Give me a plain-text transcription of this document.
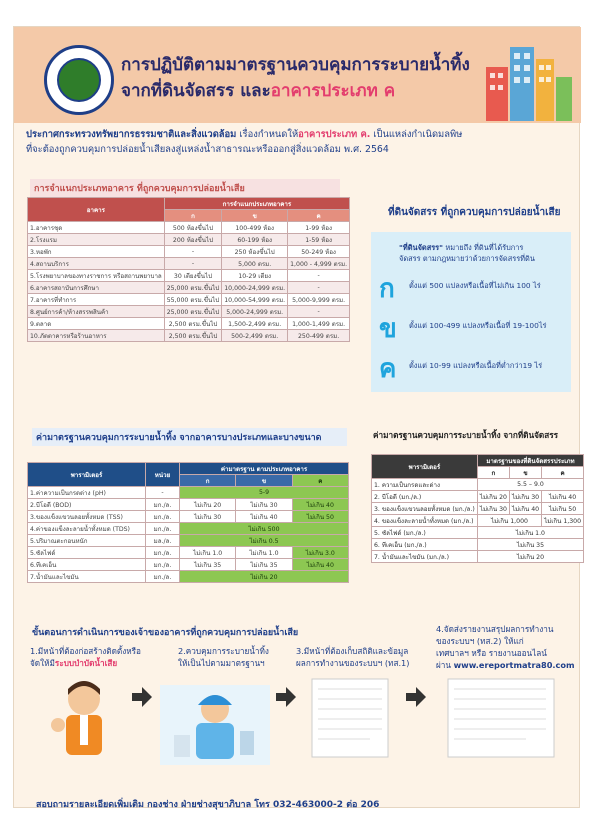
การปฏิบัติตามมาตรฐานควบคุมการระบายน้ำทิ้ง
จากที่ดินจัดสรร และอาคารประเภท ค
ประกาศกระทรวงทรัพยากรธรรมชาติและสิ่งแวดล้อม เรื่องกำหนดให้อาคารประเภท ค. เป็นแหล่งกำเนิดมลพิษ
ที่จะต้องถูกควบคุมการปล่อยน้ำเสียลงสู่แหล่งน้ำสาธารณะหรือออกสู่สิ่งแวดล้อม พ.ศ. 2564
การจำแนกประเภทอาคาร ที่ถูกควบคุมการปล่อยน้ำเสีย
อาคาร	การจำแนกประเภทอาคาร		
	ก	ข	ค
1.อาคารชุด	500 ห้องขึ้นไป	100-499 ห้อง	1-99 ห้อง
2.โรงแรม	200 ห้องขึ้นไป	60-199 ห้อง	1-59 ห้อง
3.หอพัก	-	250 ห้องขึ้นไป	50-249 ห้อง
4.สถานบริการ	-	5,000 ตรม.	1,000 - 4,999 ตรม.
5.โรงพยาบาลของทางราชการ หรือสถานพยาบาล	30 เตียงขึ้นไป	10-29 เตียง	-
6.อาคารสถาบันการศึกษา	25,000 ตรม.ขึ้นไป	10,000-24,999 ตรม.	-
7.อาคารที่ทำการ	55,000 ตรม.ขึ้นไป	10,000-54,999 ตรม.	5,000-9,999 ตรม.
8.ศูนย์การค้า/ห้างสรรพสินค้า	25,000 ตรม.ขึ้นไป	5,000-24,999 ตรม.	-
9.ตลาด	2,500 ตรม.ขึ้นไป	1,500-2,499 ตรม.	1,000-1,499 ตรม.
10.ภัตตาคารหรือร้านอาหาร	2,500 ตรม.ขึ้นไป	500-2,499 ตรม.	250-499 ตรม.
ที่ดินจัดสรร ที่ถูกควบคุมการปล่อยน้ำเสีย
"ที่ดินจัดสรร" หมายถึง ที่ดินที่ได้รับการ
จัดสรร ตามกฎหมายว่าด้วยการจัดสรรที่ดิน
ก ตั้งแต่ 500 แปลงหรือเนื้อที่ไม่เกิน 100 ไร่
ข ตั้งแต่ 100-499 แปลงหรือเนื้อที่ 19-100ไร่
ค ตั้งแต่ 10-99 แปลงหรือเนื้อที่ต่ำกว่า19 ไร่
ค่ามาตรฐานควบคุมการระบายน้ำทิ้ง จากอาคารบางประเภทและบางขนาด
พารามิเตอร์	หน่วย	ค่ามาตรฐาน ตามประเภทอาคาร		
		ก	ข	ค
1.ค่าความเป็นกรดด่าง (pH)	-	5-9		
2.บีโอดี (BOD)	มก./ล.	ไม่เกิน 20	ไม่เกิน 30	ไม่เกิน 40
3.ของแข็งแขวนลอยทั้งหมด (TSS)	มก./ล.	ไม่เกิน 30	ไม่เกิน 40	ไม่เกิน 50
4.ค่าของแข็งละลายน้ำทั้งหมด (TDS)	มก./ล.	ไม่เกิน 500		
5.ปริมาณตะกอนหนัก	มล./ล.	ไม่เกิน 0.5		
5.ซัลไฟด์	มก./ล.	ไม่เกิน 1.0	ไม่เกิน 1.0	ไม่เกิน 3.0
6.ทีเคเอ็น	มก./ล.	ไม่เกิน 35	ไม่เกิน 35	ไม่เกิน 40
7.น้ำมันและไขมัน	มก./ล.	ไม่เกิน 20		
ค่ามาตรฐานควบคุมการระบายน้ำทิ้ง จากที่ดินจัดสรร
พารามิเตอร์	มาตรฐานของที่ดินจัดสรรประเภท		
	ก	ข	ค
1. ความเป็นกรดและด่าง	5.5 – 9.0		
2. บีโอดี (มก./ล.)	ไม่เกิน 20	ไม่เกิน 30	ไม่เกิน 40
3. ของแข็งแขวนลอยทั้งหมด (มก./ล.)	ไม่เกิน 30	ไม่เกิน 40	ไม่เกิน 50
4. ของแข็งละลายน้ำทั้งหมด (มก./ล.)	ไม่เกิน 1,000		ไม่เกิน 1,300
5. ซัลไฟด์ (มก./ล.)	ไม่เกิน 1.0		
6. ทีเคเอ็น (มก./ล.)	ไม่เกิน 35		
7. น้ำมันและไขมัน (มก./ล.)	ไม่เกิน 20		
ขั้นตอนการดำเนินการของเจ้าของอาคารที่ถูกควบคุมการปล่อยน้ำเสีย
1.มีหน้าที่ต้องก่อสร้างติดตั้งหรือ
จัดให้มีระบบบำบัดน้ำเสีย
2.ควบคุมการระบายน้ำทิ้ง
ให้เป็นไปตามมาตรฐานฯ
3.มีหน้าที่ต้องเก็บสถิติและข้อมูล
ผลการทำงานของระบบฯ (ทส.1)
4.จัดส่งรายงานสรุปผลการทำงาน
ของระบบฯ (ทส.2) ให้แก่
เทศบาลฯ หรือ รายงานออนไลน์
ผ่าน www.ereportmatra80.com
สอบถามรายละเอียดเพิ่มเติม กองช่าง ฝ่ายช่างสุขาภิบาล โทร 032-463000-2 ต่อ 206
